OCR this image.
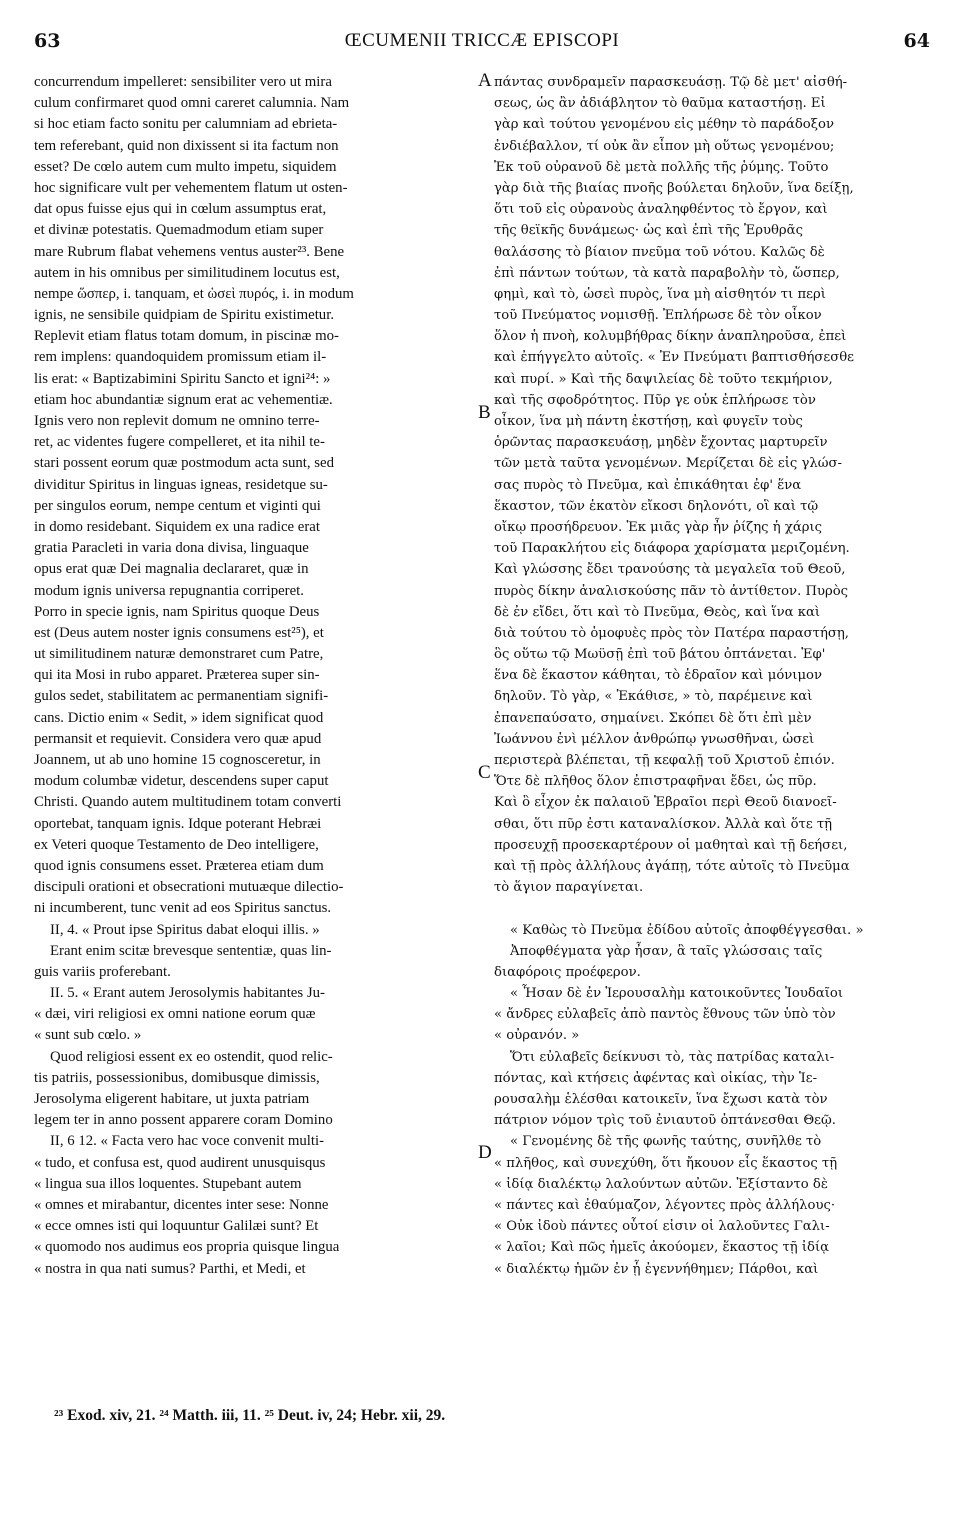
63	ŒCUMENII TRICCÆ EPISCOPI	64
concurrendum impelleret: sensibiliter vero ut mira
culum confirmaret quod omni careret calumnia. Nam
si hoc etiam facto sonitu per calumniam ad ebrieta-
tem referebant, quid non dixissent si ita factum non
esset? De cœlo autem cum multo impetu, siquidem
hoc significare vult per vehementem flatum ut osten-
dat opus fuisse ejus qui in cœlum assumptus erat,
et divinæ potestatis. Quemadmodum etiam super
mare Rubrum flabat vehemens ventus auster²³. Bene
autem in his omnibus per similitudinem locutus est,
nempe ὥσπερ, i. tanquam, et ὡσεὶ πυρός, i. in modum
ignis, ne sensibile quidpiam de Spiritu existimetur.
Replevit etiam flatus totam domum, in piscinæ mo-
rem implens: quandoquidem promissum etiam il-
lis erat: « Baptizabimini Spiritu Sancto et igni²⁴: »
etiam hoc abundantiæ signum erat ac vehementiæ.
Ignis vero non replevit domum ne omnino terre-
ret, ac videntes fugere compelleret, et ita nihil te-
stari possent eorum quæ postmodum acta sunt, sed
dividitur Spiritus in linguas igneas, residetque su-
per singulos eorum, nempe centum et viginti qui
in domo residebant. Siquidem ex una radice erat
gratia Paracleti in varia dona divisa, linguaque
opus erat quæ Dei magnalia declararet, quæ in
modum ignis universa repugnantia corriperet.
Porro in specie ignis, nam Spiritus quoque Deus
est (Deus autem noster ignis consumens est²⁵), et
ut similitudinem naturæ demonstraret cum Patre,
qui ita Mosi in rubo apparet. Præterea super sin-
gulos sedet, stabilitatem ac permanentiam signifi-
cans. Dictio enim « Sedit, » idem significat quod
permansit et requievit. Considera vero quæ apud
Joannem, ut ab uno homine 15 cognosceretur, in
modum columbæ videtur, descendens super caput
Christi. Quando autem multitudinem totam converti
oportebat, tanquam ignis. Idque poterant Hebræi
ex Veteri quoque Testamento de Deo intelligere,
quod ignis consumens esset. Præterea etiam dum
discipuli orationi et obsecrationi mutuæque dilectio-
ni incumberent, tunc venit ad eos Spiritus sanctus.
II, 4. « Prout ipse Spiritus dabat eloqui illis. »
Erant enim scitæ brevesque sententiæ, quas lin-
guis variis proferebant.
II. 5. « Erant autem Jerosolymis habitantes Ju-
« dæi, viri religiosi ex omni natione eorum quæ
« sunt sub cœlo. »
Quod religiosi essent ex eo ostendit, quod relic-
tis patriis, possessionibus, domibusque dimissis,
Jerosolyma eligerent habitare, ut juxta patriam
legem ter in anno possent apparere coram Domino
II, 6 12. « Facta vero hac voce convenit multi-
« tudo, et confusa est, quod audirent unusquisqus
« lingua sua illos loquentes. Stupebant autem
« omnes et mirabantur, dicentes inter sese: Nonne
« ecce omnes isti qui loquuntur Galilæi sunt? Et
« quomodo nos audimus eos propria quisque lingua
« nostra in qua nati sumus? Parthi, et Medi, et
πάντας συνδραμεῖν παρασκευάσῃ. Τῷ δὲ μετ' αἰσθή-
σεως, ὡς ἂν ἀδιάβλητον τὸ θαῦμα καταστήσῃ. Εἰ
γὰρ καὶ τούτου γενομένου εἰς μέθην τὸ παράδοξον
ἐνδιέβαλλον, τί οὐκ ἂν εἶπον μὴ οὕτως γενομένου;
Ἐκ τοῦ οὐρανοῦ δὲ μετὰ πολλῆς τῆς ῥύμης. Τοῦτο
γὰρ διὰ τῆς βιαίας πνοῆς βούλεται δηλοῦν, ἵνα δείξῃ,
ὅτι τοῦ εἰς οὐρανοὺς ἀναληφθέντος τὸ ἔργον, καὶ
τῆς θεϊκῆς δυνάμεως· ὡς καὶ ἐπὶ τῆς Ἐρυθρᾶς
θαλάσσης τὸ βίαιον πνεῦμα τοῦ νότου. Καλῶς δὲ
ἐπὶ πάντων τούτων, τὰ κατὰ παραβολὴν τὸ, ὥσπερ,
φημὶ, καὶ τὸ, ὡσεὶ πυρὸς, ἵνα μὴ αἰσθητόν τι περὶ
τοῦ Πνεύματος νομισθῇ. Ἐπλήρωσε δὲ τὸν οἶκον
ὅλον ἡ πνοὴ, κολυμβήθρας δίκην ἀναπληροῦσα, ἐπεὶ
καὶ ἐπήγγελτο αὐτοῖς. « Ἐν Πνεύματι βαπτισθήσεσθε
καὶ πυρί. » Καὶ τῆς δαψιλείας δὲ τοῦτο τεκμήριον,
καὶ τῆς σφοδρότητος. Πῦρ γε οὐκ ἐπλήρωσε τὸν
οἶκον, ἵνα μὴ πάντη ἐκστήσῃ, καὶ φυγεῖν τοὺς
ὁρῶντας παρασκευάσῃ, μηδὲν ἔχοντας μαρτυρεῖν
τῶν μετὰ ταῦτα γενομένων. Μερίζεται δὲ εἰς γλώσ-
σας πυρὸς τὸ Πνεῦμα, καὶ ἐπικάθηται ἐφ' ἕνα
ἕκαστον, τῶν ἑκατὸν εἴκοσι δηλονότι, οἳ καὶ τῷ
οἴκῳ προσήδρευον. Ἐκ μιᾶς γὰρ ἦν ῥίζης ἡ χάρις
τοῦ Παρακλήτου εἰς διάφορα χαρίσματα μεριζομένη.
Καὶ γλώσσης ἔδει τρανούσης τὰ μεγαλεῖα τοῦ Θεοῦ,
πυρὸς δίκην ἀναλισκούσης πᾶν τὸ ἀντίθετον. Πυρὸς
δὲ ἐν εἴδει, ὅτι καὶ τὸ Πνεῦμα, Θεὸς, καὶ ἵνα καὶ
διὰ τούτου τὸ ὁμοφυὲς πρὸς τὸν Πατέρα παραστήσῃ,
ὃς οὕτω τῷ Μωϋσῇ ἐπὶ τοῦ βάτου ὀπτάνεται. Ἐφ'
ἕνα δὲ ἕκαστον κάθηται, τὸ ἑδραῖον καὶ μόνιμον
δηλοῦν. Τὸ γὰρ, « Ἐκάθισε, » τὸ, παρέμεινε καὶ
ἐπανεπαύσατο, σημαίνει. Σκόπει δὲ ὅτι ἐπὶ μὲν
Ἰωάννου ἐνὶ μέλλον ἀνθρώπῳ γνωσθῆναι, ὡσεὶ
περιστερὰ βλέπεται, τῇ κεφαλῇ τοῦ Χριστοῦ ἐπιόν.
Ὅτε δὲ πλῆθος ὅλον ἐπιστραφῆναι ἔδει, ὡς πῦρ.
Καὶ ὃ εἶχον ἐκ παλαιοῦ Ἑβραῖοι περὶ Θεοῦ διανοεῖ-
σθαι, ὅτι πῦρ ἐστι καταναλίσκον. Ἀλλὰ καὶ ὅτε τῇ
προσευχῇ προσεκαρτέρουν οἱ μαθηταὶ καὶ τῇ δεήσει,
καὶ τῇ πρὸς ἀλλήλους ἀγάπῃ, τότε αὐτοῖς τὸ Πνεῦμα
τὸ ἅγιον παραγίνεται.
« Καθὼς τὸ Πνεῦμα ἐδίδου αὐτοῖς ἀποφθέγγεσθαι. »
Ἀποφθέγματα γὰρ ἦσαν, ἃ ταῖς γλώσσαις ταῖς
διαφόροις προέφερον.
« Ἦσαν δὲ ἐν Ἱερουσαλὴμ κατοικοῦντες Ἰουδαῖοι
« ἄνδρες εὐλαβεῖς ἀπὸ παντὸς ἔθνους τῶν ὑπὸ τὸν
« οὐρανόν. »
Ὅτι εὐλαβεῖς δείκνυσι τὸ, τὰς πατρίδας καταλι-
πόντας, καὶ κτήσεις ἀφέντας καὶ οἰκίας, τὴν Ἱε-
ρουσαλὴμ ἑλέσθαι κατοικεῖν, ἵνα ἔχωσι κατὰ τὸν
πάτριον νόμον τρὶς τοῦ ἐνιαυτοῦ ὀπτάνεσθαι Θεῷ.
« Γενομένης δὲ τῆς φωνῆς ταύτης, συνῆλθε τὸ
« πλῆθος, καὶ συνεχύθη, ὅτι ἤκουον εἷς ἕκαστος τῇ
« ἰδίᾳ διαλέκτῳ λαλούντων αὐτῶν. Ἐξίσταντο δὲ
« πάντες καὶ ἐθαύμαζον, λέγοντες πρὸς ἀλλήλους·
« Οὐκ ἰδοὺ πάντες οὗτοί εἰσιν οἱ λαλοῦντες Γαλι-
« λαῖοι; Καὶ πῶς ἡμεῖς ἀκούομεν, ἕκαστος τῇ ἰδίᾳ
« διαλέκτῳ ἡμῶν ἐν ᾗ ἐγεννήθημεν; Πάρθοι, καὶ
A
B
C
D
²³ Exod. xiv, 21. ²⁴ Matth. iii, 11. ²⁵ Deut. iv, 24; Hebr. xii, 29.
